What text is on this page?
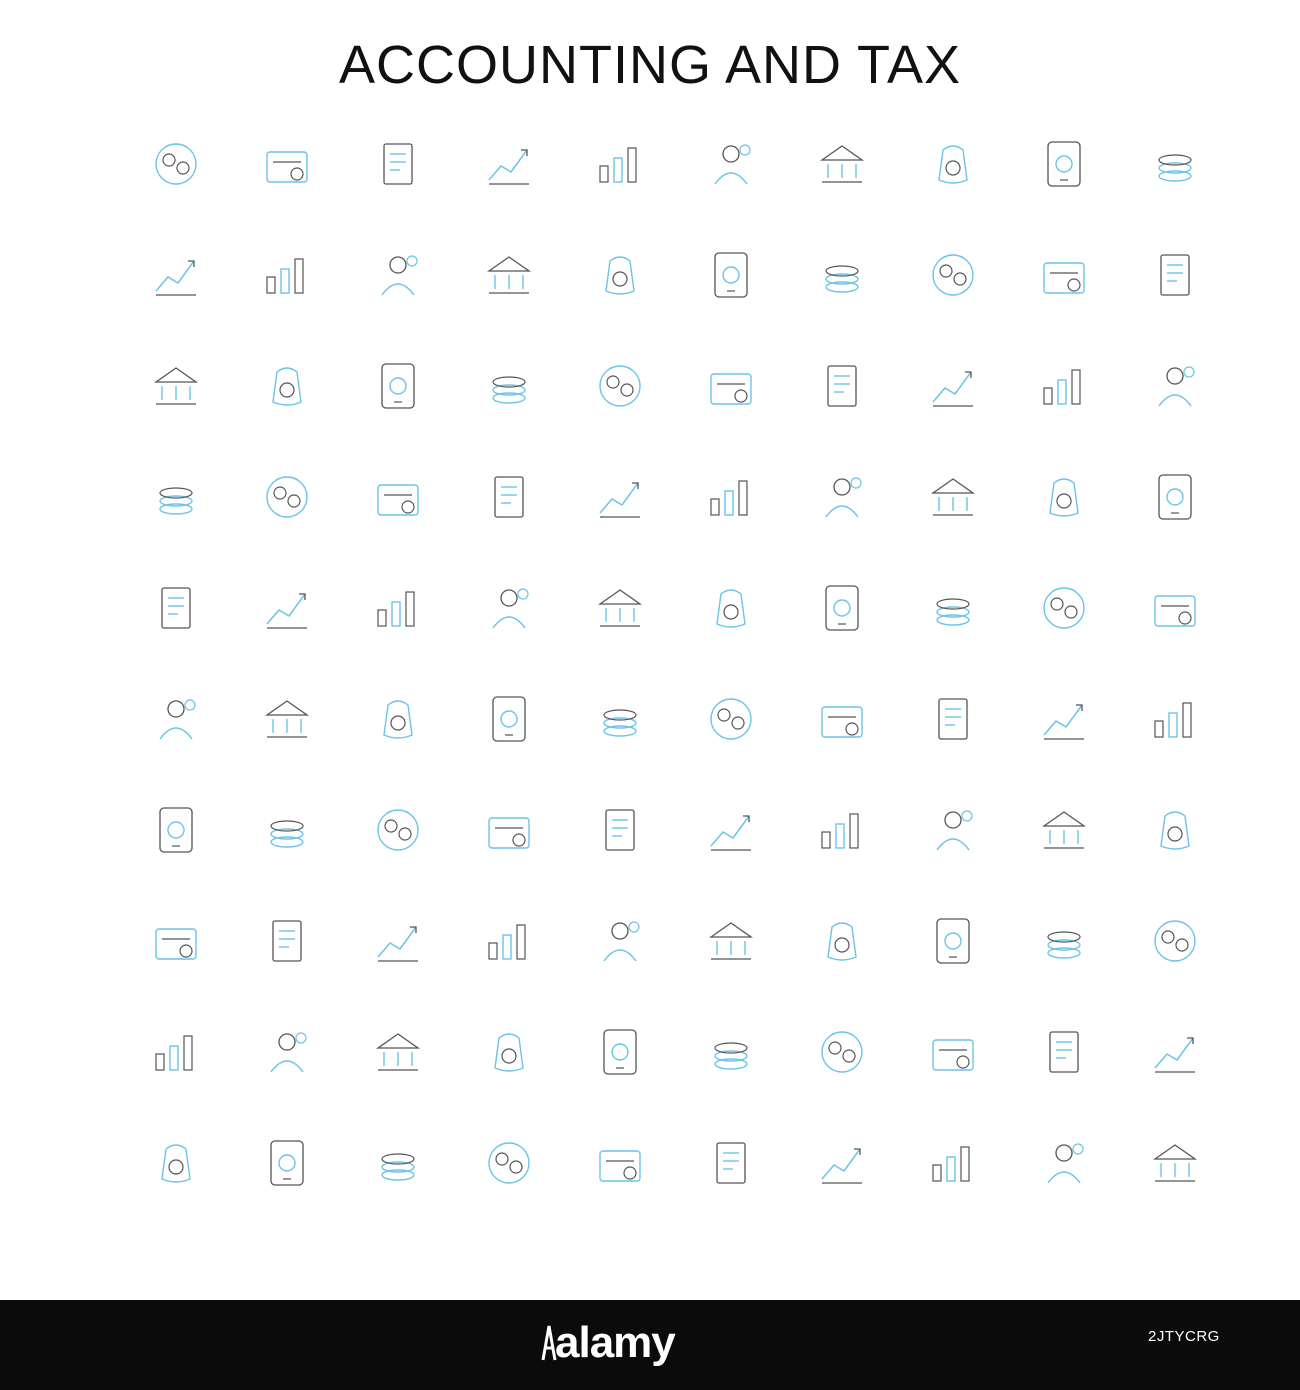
ACCOUNTING AND TAX
alamy	2JTYCRG
